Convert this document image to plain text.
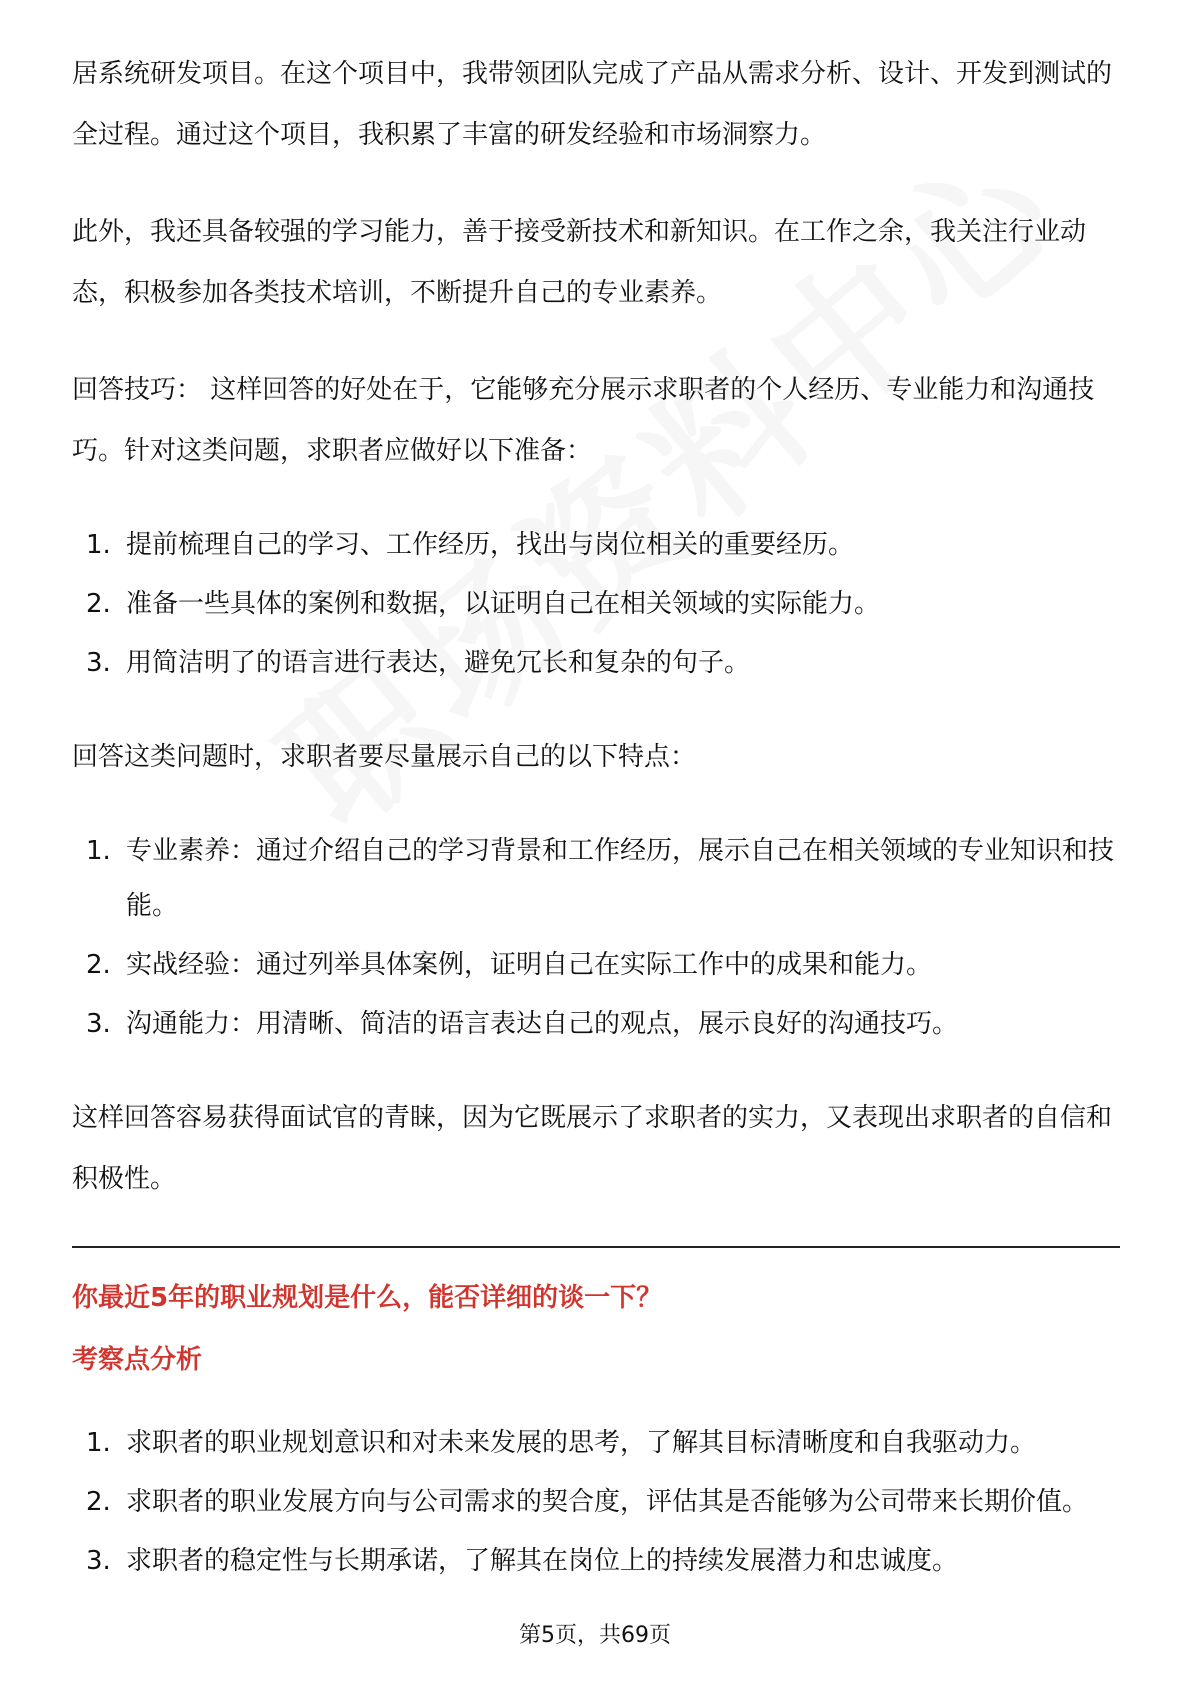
居系统研发项目。在这个项目中，我带领团队完成了产品从需求分析、设计、开发到测试的全过程。通过这个项目，我积累了丰富的研发经验和市场洞察力。

此外，我还具备较强的学习能力，善于接受新技术和新知识。在工作之余，我关注行业动态，积极参加各类技术培训，不断提升自己的专业素养。

回答技巧： 这样回答的好处在于，它能够充分展示求职者的个人经历、专业能力和沟通技巧。针对这类问题，求职者应做好以下准备：

1. 提前梳理自己的学习、工作经历，找出与岗位相关的重要经历。
2. 准备一些具体的案例和数据，以证明自己在相关领域的实际能力。
3. 用简洁明了的语言进行表达，避免冗长和复杂的句子。

回答这类问题时，求职者要尽量展示自己的以下特点：

1. 专业素养：通过介绍自己的学习背景和工作经历，展示自己在相关领域的专业知识和技能。
2. 实战经验：通过列举具体案例，证明自己在实际工作中的成果和能力。
3. 沟通能力：用清晰、简洁的语言表达自己的观点，展示良好的沟通技巧。

这样回答容易获得面试官的青睐，因为它既展示了求职者的实力，又表现出求职者的自信和积极性。

你最近5年的职业规划是什么，能否详细的谈一下？

考察点分析

1. 求职者的职业规划意识和对未来发展的思考，了解其目标清晰度和自我驱动力。
2. 求职者的职业发展方向与公司需求的契合度，评估其是否能够为公司带来长期价值。
3. 求职者的稳定性与长期承诺，了解其在岗位上的持续发展潜力和忠诚度。
第5页，共69页
